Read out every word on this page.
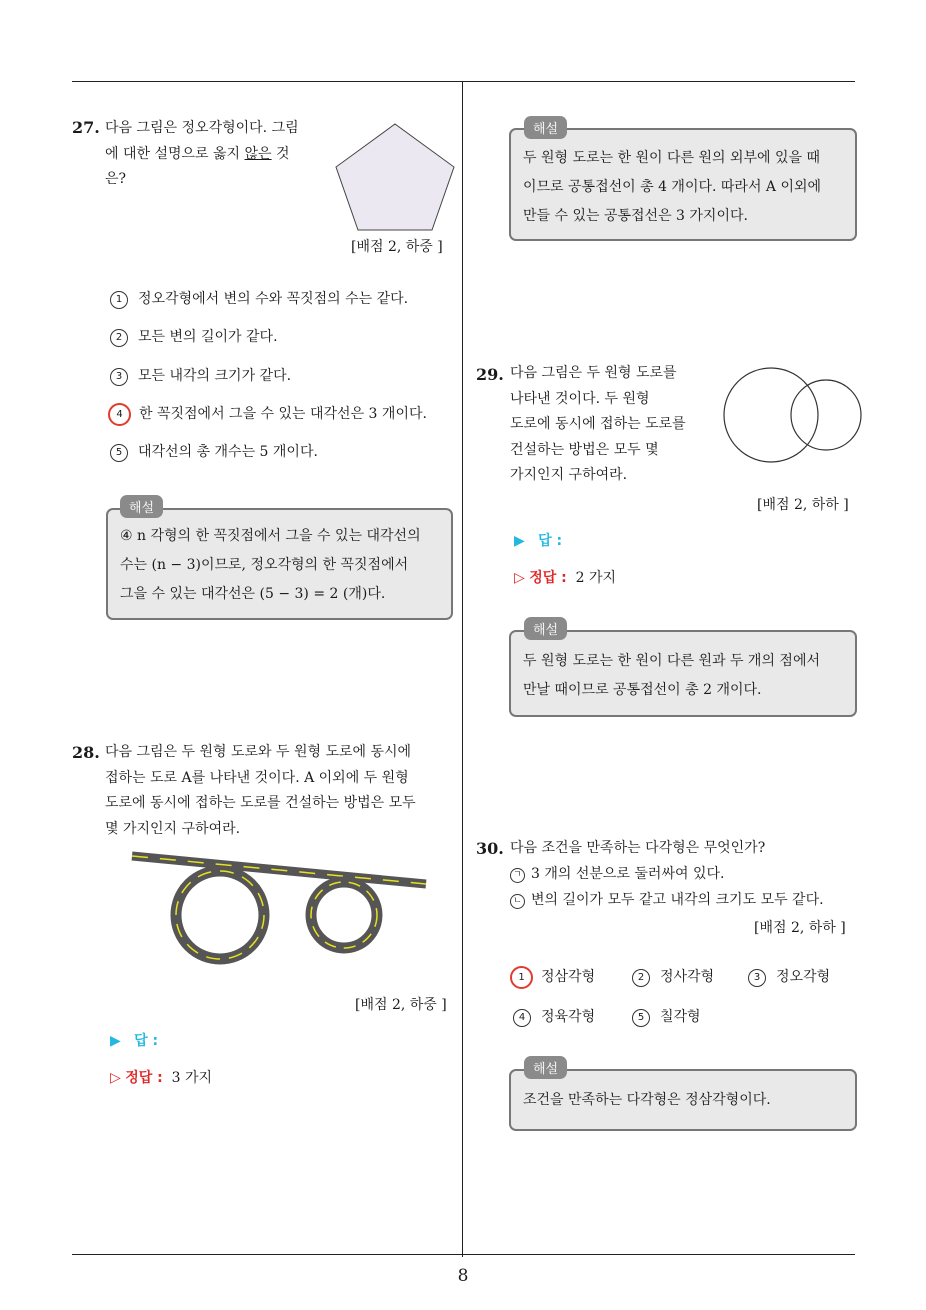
8
27. 다음 그림은 정오각형이다. 그림
에 대한 설명으로 옳지 않은 것
은?
[배점 2, 하중 ]
1 정오각형에서 변의 수와 꼭짓점의 수는 같다.
2 모든 변의 길이가 같다.
3 모든 내각의 크기가 같다.
4 한 꼭짓점에서 그을 수 있는 대각선은 3 개이다.
5 대각선의 총 개수는 5 개이다.
④ n 각형의 한 꼭짓점에서 그을 수 있는 대각선의
수는 (n − 3)이므로, 정오각형의 한 꼭짓점에서
그을 수 있는 대각선은 (5 − 3) = 2 (개)다.
해설
28. 다음 그림은 두 원형 도로와 두 원형 도로에 동시에
접하는 도로 A를 나타낸 것이다. A 이외에 두 원형
도로에 동시에 접하는 도로를 건설하는 방법은 모두
몇 가지인지 구하여라.
[배점 2, 하중 ]
▶ 답 :
▷ 정답 : 3 가지
두 원형 도로는 한 원이 다른 원의 외부에 있을 때
이므로 공통접선이 총 4 개이다. 따라서 A 이외에
만들 수 있는 공통접선은 3 가지이다.
해설
29. 다음 그림은 두 원형 도로를
나타낸 것이다. 두 원형
도로에 동시에 접하는 도로를
건설하는 방법은 모두 몇
가지인지 구하여라.
[배점 2, 하하 ]
▶ 답 :
▷ 정답 : 2 가지
두 원형 도로는 한 원이 다른 원과 두 개의 점에서
만날 때이므로 공통접선이 총 2 개이다.
해설
30. 다음 조건을 만족하는 다각형은 무엇인가?
ㄱ 3 개의 선분으로 둘러싸여 있다.
ㄴ 변의 길이가 모두 같고 내각의 크기도 모두 같다.
[배점 2, 하하 ]
1 정삼각형	2 정사각형	3 정오각형
4 정육각형	5 칠각형
조건을 만족하는 다각형은 정삼각형이다.
해설
